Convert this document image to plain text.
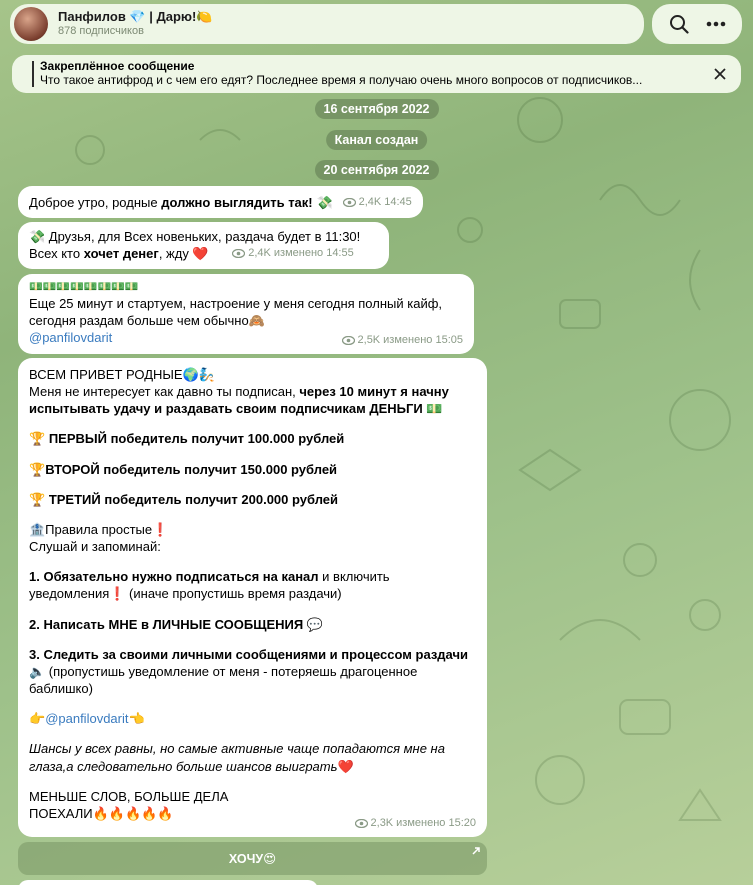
Панфилов 💎 | Дарю!🍋
878 подписчиков
Закреплённое сообщение
Что такое антифрод и с чем его едят? Последнее время я получаю очень много вопросов от подписчиков...
16 сентября 2022
Канал создан
20 сентября 2022
Доброе утро, родные должно выглядить так! 💸 2,4K 14:45
💸 Друзья, для Всех новеньких, раздача будет в 11:30!
Всех кто хочет денег, жду ❤️	2,4K изменено 14:55
💵💵💵💵💵💵💵💵
Еще 25 минут и стартуем, настроение у меня сегодня полный кайф,
сегодня раздам больше чем обычно🙈
@panfilovdarit	2,5K изменено 15:05
ВСЕМ ПРИВЕТ РОДНЫЕ🌍🧞
Меня не интересует как давно ты подписан, через 10 минут я начну
испытывать удачу и раздавать своим подписчикам ДЕНЬГИ 💵
🏆 ПЕРВЫЙ победитель получит 100.000 рублей
🏆ВТОРОЙ победитель получит 150.000 рублей
🏆 ТРЕТИЙ победитель получит 200.000 рублей
🏦Правила простые❗
Слушай и запоминай:
1. Обязательно нужно подписаться на канал и включить
уведомления❗ (иначе пропустишь время раздачи)
2. Написать МНЕ в ЛИЧНЫЕ СООБЩЕНИЯ 💬
3. Следить за своими личными сообщениями и процессом раздачи
🔈 (пропустишь уведомление от меня - потеряешь драгоценное
баблишко)
👉@panfilovdarit👈
Шансы у всех равны, но самые активные чаще попадаются мне на
глаза,а следовательно больше шансов выиграть❤️
МЕНЬШЕ СЛОВ, БОЛЬШЕ ДЕЛА
ПОЕХАЛИ🔥🔥🔥🔥🔥
2,3K изменено 15:20
ХОЧУ😍
